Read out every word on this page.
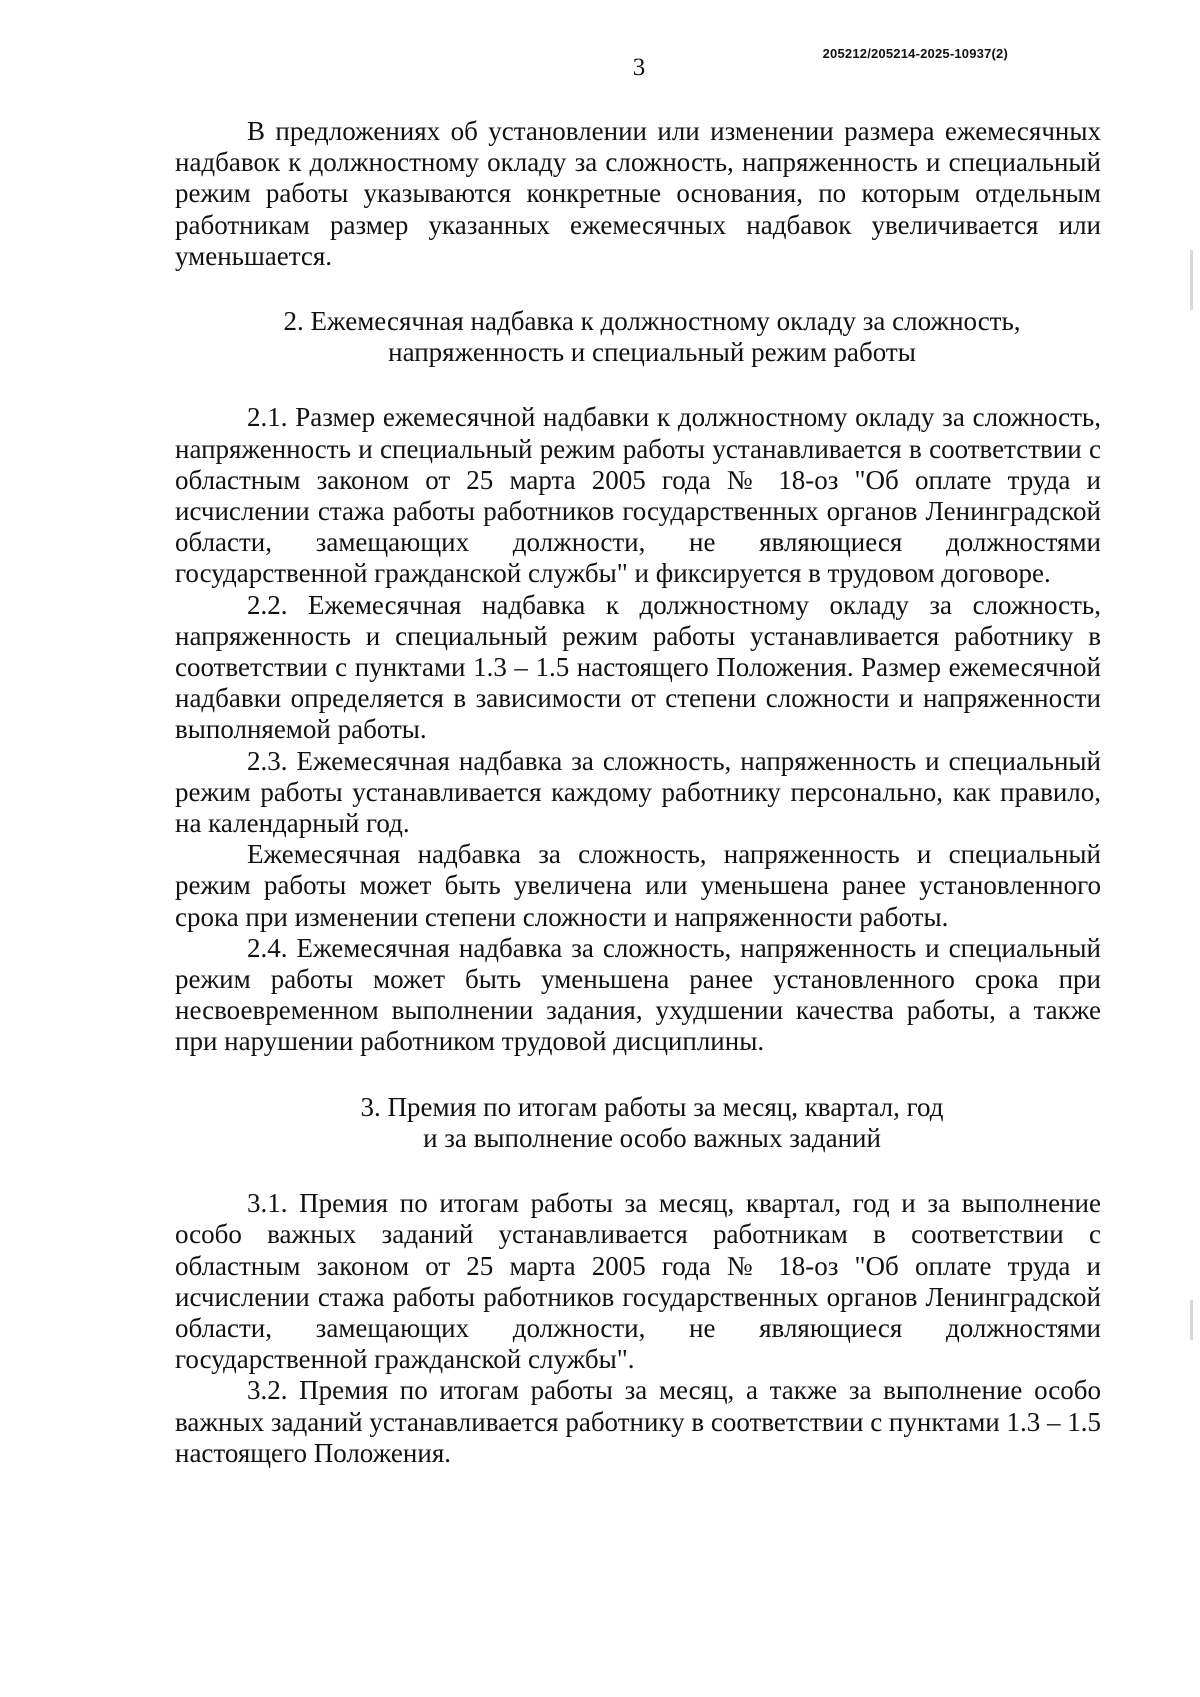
205212/205214-2025-10937(2)
3

В предложениях об установлении или изменении размера ежемесячных надбавок к должностному окладу за сложность, напряженность и специальный режим работы указываются конкретные основания, по которым отдельным работникам размер указанных ежемесячных надбавок увеличивается или уменьшается.

2. Ежемесячная надбавка к должностному окладу за сложность,
напряженность и специальный режим работы

2.1. Размер ежемесячной надбавки к должностному окладу за сложность, напряженность и специальный режим работы устанавливается в соответствии с областным законом от 25 марта 2005 года № 18-оз "Об оплате труда и исчислении стажа работы работников государственных органов Ленинградской области, замещающих должности, не являющиеся должностями государственной гражданской службы" и фиксируется в трудовом договоре.

2.2. Ежемесячная надбавка к должностному окладу за сложность, напряженность и специальный режим работы устанавливается работнику в соответствии с пунктами 1.3 – 1.5 настоящего Положения. Размер ежемесячной надбавки определяется в зависимости от степени сложности и напряженности выполняемой работы.

2.3. Ежемесячная надбавка за сложность, напряженность и специальный режим работы устанавливается каждому работнику персонально, как правило, на календарный год.

Ежемесячная надбавка за сложность, напряженность и специальный режим работы может быть увеличена или уменьшена ранее установленного срока при изменении степени сложности и напряженности работы.

2.4. Ежемесячная надбавка за сложность, напряженность и специальный режим работы может быть уменьшена ранее установленного срока при несвоевременном выполнении задания, ухудшении качества работы, а также при нарушении работником трудовой дисциплины.

3. Премия по итогам работы за месяц, квартал, год
и за выполнение особо важных заданий

3.1. Премия по итогам работы за месяц, квартал, год и за выполнение особо важных заданий устанавливается работникам в соответствии с областным законом от 25 марта 2005 года № 18-оз "Об оплате труда и исчислении стажа работы работников государственных органов Ленинградской области, замещающих должности, не являющиеся должностями государственной гражданской службы".

3.2. Премия по итогам работы за месяц, а также за выполнение особо важных заданий устанавливается работнику в соответствии с пунктами 1.3 – 1.5 настоящего Положения.
